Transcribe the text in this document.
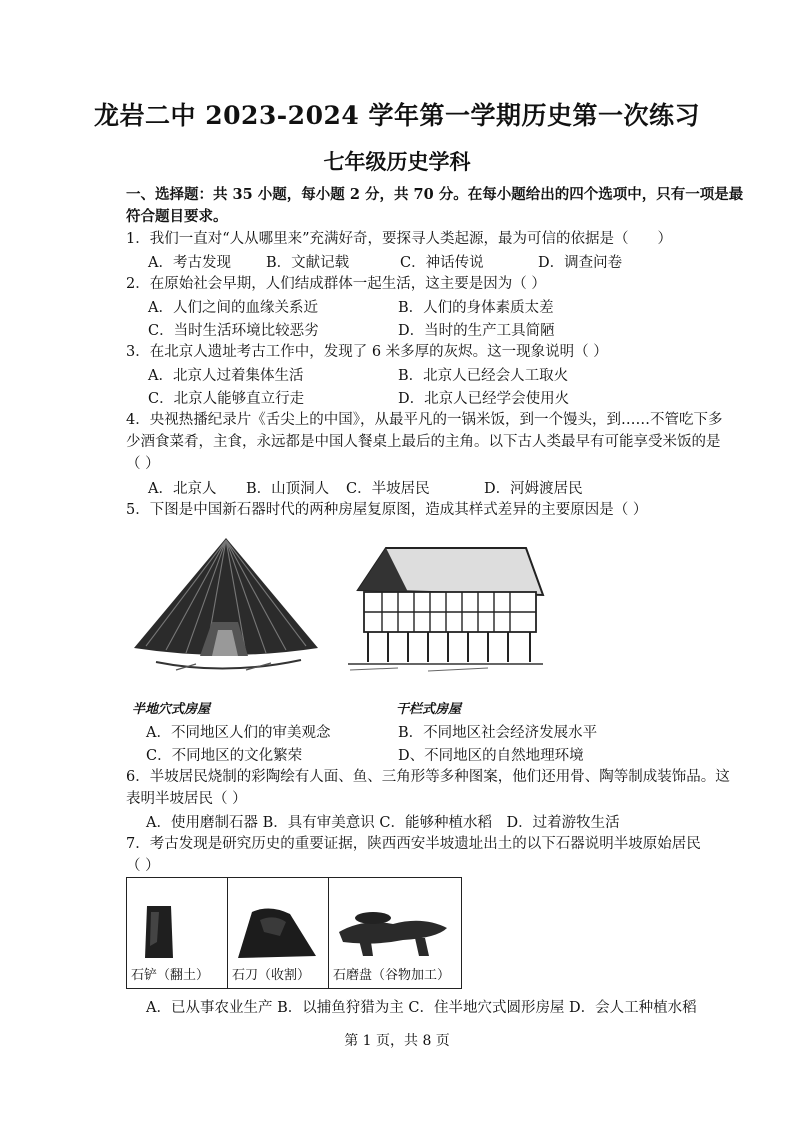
龙岩二中 2023-2024 学年第一学期历史第一次练习
七年级历史学科
一、选择题：共 35 小题，每小题 2 分，共 70 分。在每小题给出的四个选项中，只有一项是最
符合题目要求。
1．我们一直对“人从哪里来”充满好奇，要探寻人类起源，最为可信的依据是（　　）
A．考古发现 B．文献记载	C．神话传说	D．调查问卷
2．在原始社会早期，人们结成群体一起生活，这主要是因为（ ）
A．人们之间的血缘关系近	B．人们的身体素质太差
C．当时生活环境比较恶劣	D．当时的生产工具简陋
3．在北京人遗址考古工作中，发现了 6 米多厚的灰烬。这一现象说明（ ）
A．北京人过着集体生活	B．北京人已经会人工取火
C．北京人能够直立行走	D．北京人已经学会使用火
4．央视热播纪录片《舌尖上的中国》，从最平凡的一锅米饭，到一个馒头，到……不管吃下多
少酒食菜肴，主食，永远都是中国人餐桌上最后的主角。以下古人类最早有可能享受米饭的是
（ ）
A．北京人 B．山顶洞人 C．半坡居民	D．河姆渡居民
5．下图是中国新石器时代的两种房屋复原图，造成其样式差异的主要原因是（ ）
半地穴式房屋	干栏式房屋
A．不同地区人们的审美观念	B．不同地区社会经济发展水平
C．不同地区的文化繁荣	D、不同地区的自然地理环境
6．半坡居民烧制的彩陶绘有人面、鱼、三角形等多种图案，他们还用骨、陶等制成装饰品。这
表明半坡居民（ ）
A．使用磨制石器 B．具有审美意识 C．能够种植水稻　D．过着游牧生活
7．考古发现是研究历史的重要证据，陕西西安半坡遗址出土的以下石器说明半坡原始居民
（ ）
石铲（翻土）	石刀（收割）	石磨盘（谷物加工）
A．已从事农业生产 B．以捕鱼狩猎为主 C．住半地穴式圆形房屋 D．会人工种植水稻
第 1 页，共 8 页
